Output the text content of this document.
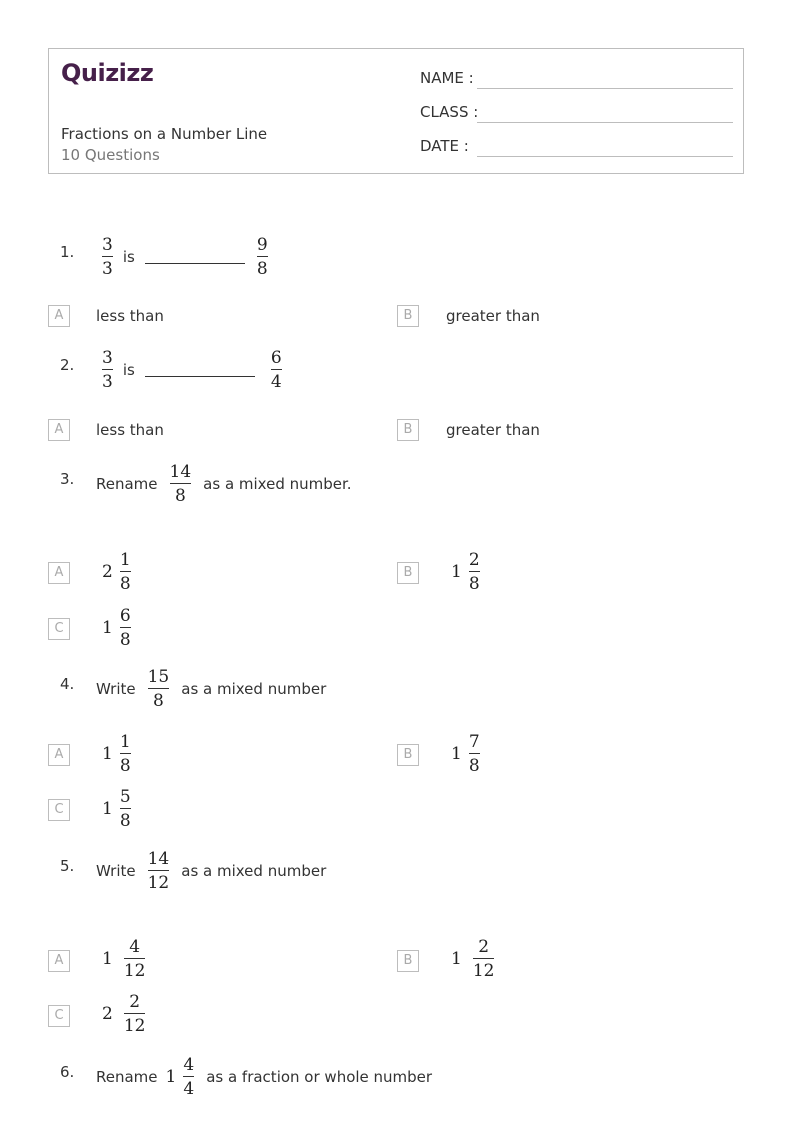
Quizizz
Fractions on a Number Line
10 Questions
NAME :
CLASS :
DATE :
1. $\frac{3}{3}$ is	$\frac{9}{8}$
A	less than	B	greater than
2. $\frac{3}{3}$ is	$\frac{6}{4}$
A	less than	B	greater than
3. Rename $\frac{14}{8}$ as a mixed number.
A	$2 \frac{1}{8}$	B	$1 \frac{2}{8}$
C	$1 \frac{6}{8}$
4. Write $\frac{15}{8}$ as a mixed number
A	$1 \frac{1}{8}$	B	$1 \frac{7}{8}$
C	$1 \frac{5}{8}$
5. Write $\frac{14}{12}$ as a mixed number
A	$1 \frac{4}{12}$	B	$1 \frac{2}{12}$
C	$2 \frac{2}{12}$
6. Rename $1 \frac{4}{4}$ as a fraction or whole number
